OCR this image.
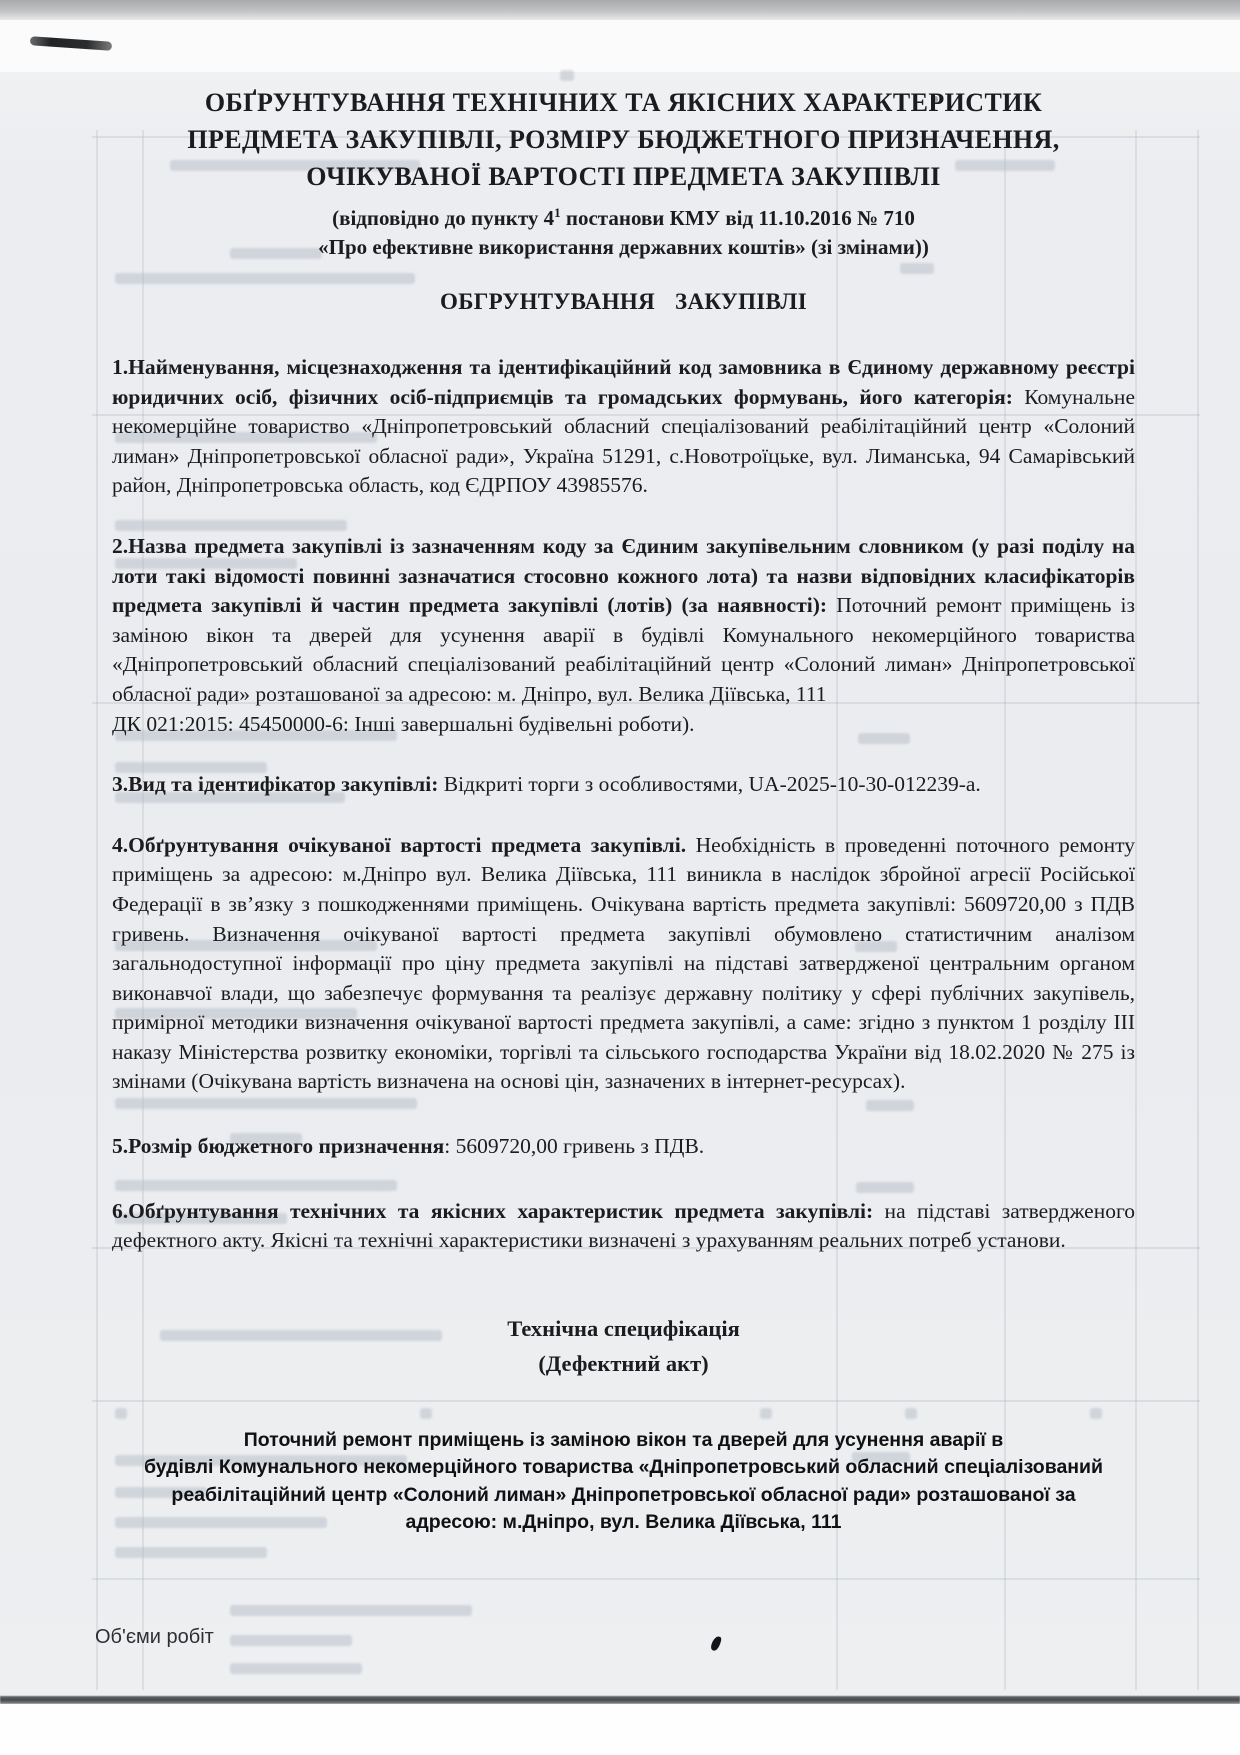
ОБҐРУНТУВАННЯ ТЕХНІЧНИХ ТА ЯКІСНИХ ХАРАКТЕРИСТИК
ПРЕДМЕТА ЗАКУПІВЛІ, РОЗМІРУ БЮДЖЕТНОГО ПРИЗНАЧЕННЯ,
ОЧІКУВАНОЇ ВАРТОСТІ ПРЕДМЕТА ЗАКУПІВЛІ
(відповідно до пункту $4^1$ постанови КМУ від 11.10.2016 № 710
«Про ефективне використання державних коштів» (зі змінами))
ОБГРУНТУВАННЯ ЗАКУПІВЛІ
1.Найменування, місцезнаходження та ідентифікаційний код замовника в Єдиному державному реєстрі юридичних осіб, фізичних осіб-підприємців та громадських формувань, його категорія: Комунальне некомерційне товариство «Дніпропетровський обласний спеціалізований реабілітаційний центр «Солоний лиман» Дніпропетровської обласної ради», Україна 51291, с.Новотроїцьке, вул. Лиманська, 94 Самарівський район, Дніпропетровська область, код ЄДРПОУ 43985576.
2.Назва предмета закупівлі із зазначенням коду за Єдиним закупівельним словником (у разі поділу на лоти такі відомості повинні зазначатися стосовно кожного лота) та назви відповідних класифікаторів предмета закупівлі й частин предмета закупівлі (лотів) (за наявності): Поточний ремонт приміщень із заміною вікон та дверей для усунення аварії в будівлі Комунального некомерційного товариства «Дніпропетровський обласний спеціалізований реабілітаційний центр «Солоний лиман» Дніпропетровської обласної ради» розташованої за адресою: м. Дніпро, вул. Велика Діївська, 111
ДК 021:2015: 45450000-6: Інші завершальні будівельні роботи).
3.Вид та ідентифікатор закупівлі: Відкриті торги з особливостями, UA-2025-10-30-012239-а.
4.Обґрунтування очікуваної вартості предмета закупівлі. Необхідність в проведенні поточного ремонту приміщень за адресою: м.Дніпро вул. Велика Діївська, 111 виникла в наслідок збройної агресії Російської Федерації в зв’язку з пошкодженнями приміщень. Очікувана вартість предмета закупівлі: 5609720,00 з ПДВ гривень. Визначення очікуваної вартості предмета закупівлі обумовлено статистичним аналізом загальнодоступної інформації про ціну предмета закупівлі на підставі затвердженої центральним органом виконавчої влади, що забезпечує формування та реалізує державну політику у сфері публічних закупівель, примірної методики визначення очікуваної вартості предмета закупівлі, а саме: згідно з пунктом 1 розділу ІІІ наказу Міністерства розвитку економіки, торгівлі та сільського господарства України від 18.02.2020 № 275 із змінами (Очікувана вартість визначена на основі цін, зазначених в інтернет-ресурсах).
5.Розмір бюджетного призначення: 5609720,00 гривень з ПДВ.
6.Обґрунтування технічних та якісних характеристик предмета закупівлі: на підставі затвердженого дефектного акту. Якісні та технічні характеристики визначені з урахуванням реальних потреб установи.
Технічна специфікація
(Дефектний акт)
Поточний ремонт приміщень із заміною вікон та дверей для усунення аварії в
будівлі Комунального некомерційного товариства «Дніпропетровський обласний спеціалізований
реабілітаційний центр «Солоний лиман» Дніпропетровської обласної ради» розташованої за
адресою: м.Дніпро, вул. Велика Діївська, 111
Об'єми робіт
